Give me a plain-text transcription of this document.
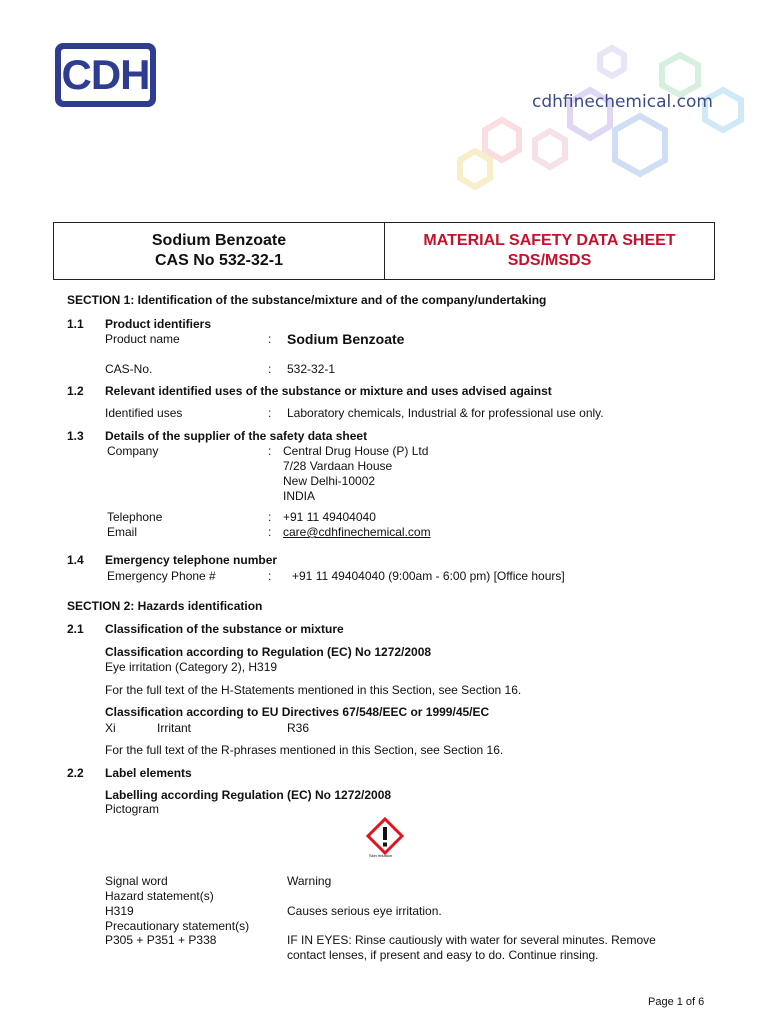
CDH
cdhfinechemical.com
Sodium Benzoate
CAS No 532-32-1
MATERIAL SAFETY DATA SHEET
SDS/MSDS
SECTION 1: Identification of the substance/mixture and of the company/undertaking
1.1 Product identifiers
Product name	: Sodium Benzoate
CAS-No.	: 532-32-1
1.2 Relevant identified uses of the substance or mixture and uses advised against
Identified uses	: Laboratory chemicals, Industrial & for professional use only.
1.3 Details of the supplier of the safety data sheet
Company	: Central Drug House (P) Ltd
7/28 Vardaan House
New Delhi-10002
INDIA
Telephone	: +91 11 49404040
Email	: care@cdhfinechemical.com
1.4 Emergency telephone number
Emergency Phone #	: +91 11 49404040 (9:00am - 6:00 pm) [Office hours]
SECTION 2: Hazards identification
2.1 Classification of the substance or mixture
Classification according to Regulation (EC) No 1272/2008
Eye irritation (Category 2), H319
For the full text of the H-Statements mentioned in this Section, see Section 16.
Classification according to EU Directives 67/548/EEC or 1999/45/EC
Xi	Irritant	R36
For the full text of the R-phrases mentioned in this Section, see Section 16.
2.2 Label elements
Labelling according Regulation (EC) No 1272/2008
Pictogram
Skin irritation
Signal word	Warning
Hazard statement(s)
H319	Causes serious eye irritation.
Precautionary statement(s)
P305 + P351 + P338	IF IN EYES: Rinse cautiously with water for several minutes. Remove
contact lenses, if present and easy to do. Continue rinsing.
Page 1 of 6
